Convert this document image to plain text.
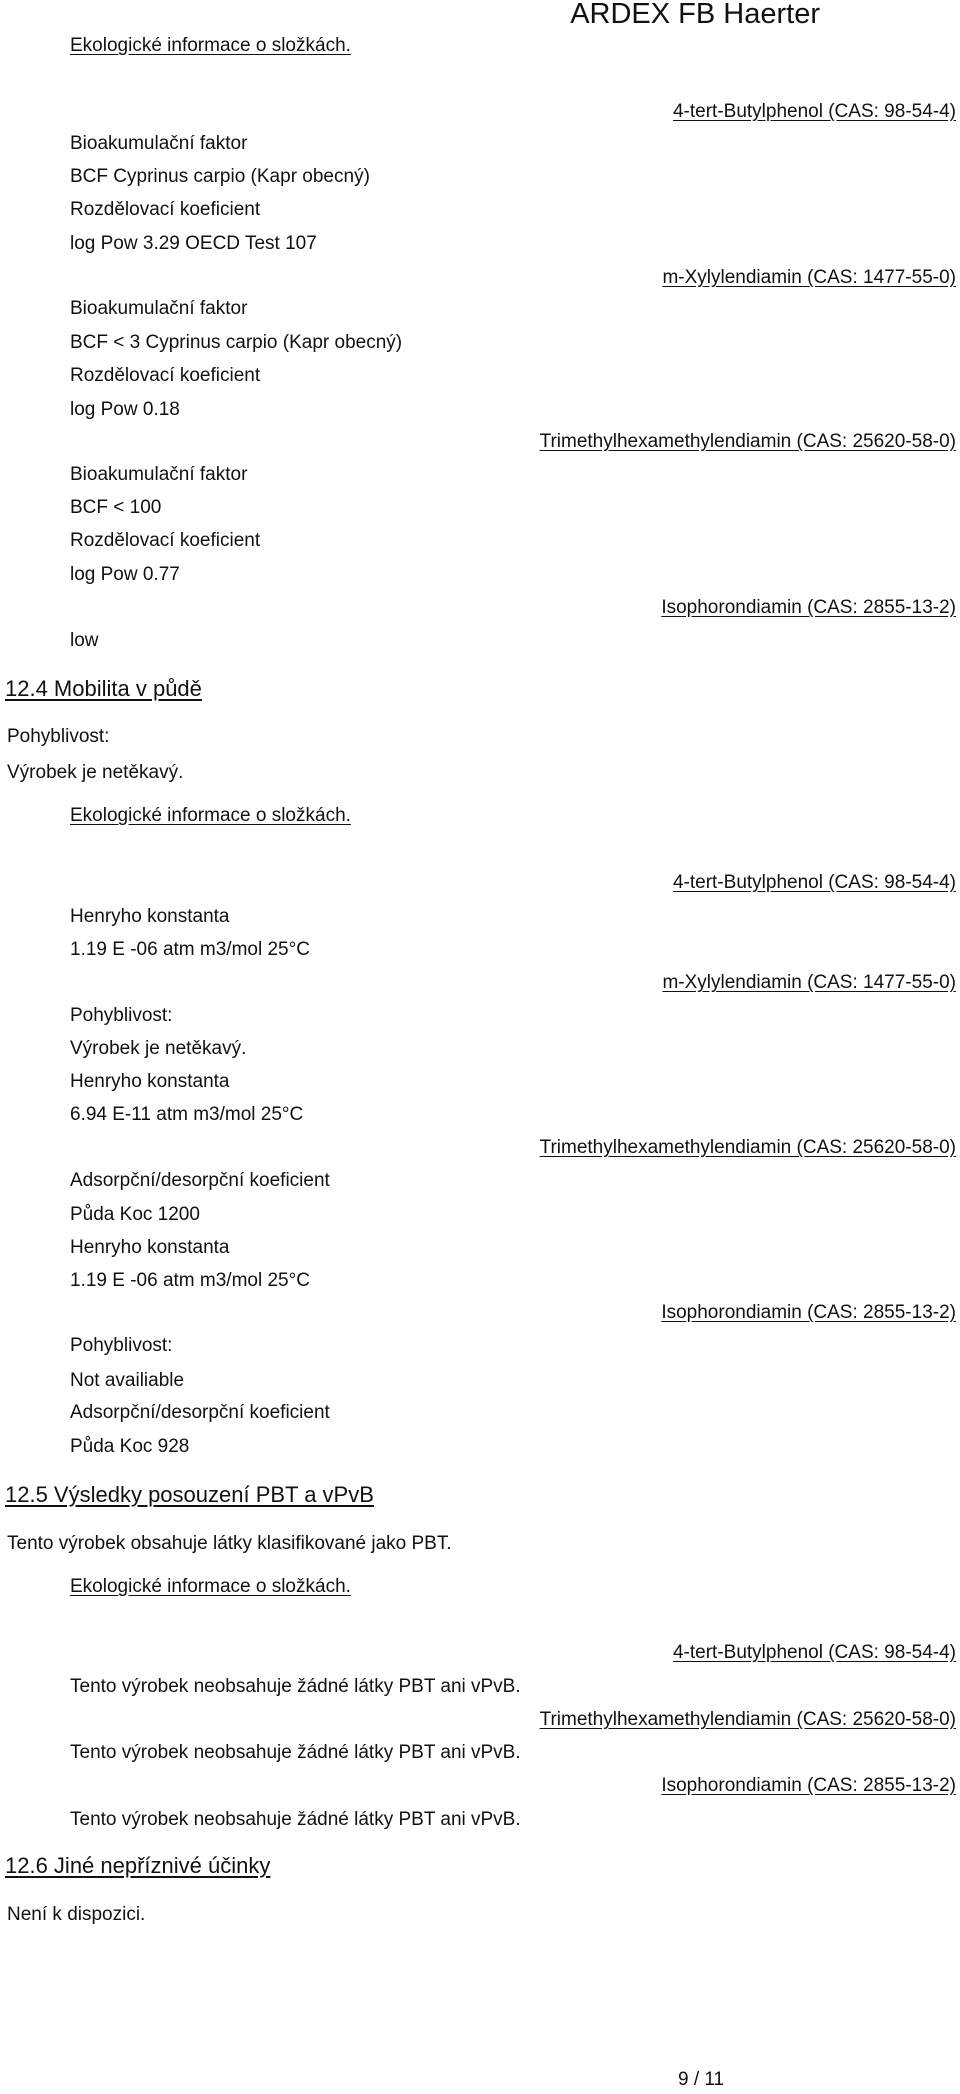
ARDEX FB Haerter

Ekologické informace o složkách.

4-tert-Butylphenol (CAS: 98-54-4)

Bioakumulační faktor

BCF Cyprinus carpio (Kapr obecný)

Rozdělovací koeficient

log Pow 3.29 OECD Test 107

m-Xylylendiamin (CAS: 1477-55-0)

Bioakumulační faktor

BCF < 3 Cyprinus carpio (Kapr obecný)

Rozdělovací koeficient

log Pow 0.18

Trimethylhexamethylendiamin (CAS: 25620-58-0)

Bioakumulační faktor

BCF < 100

Rozdělovací koeficient

log Pow 0.77

Isophorondiamin (CAS: 2855-13-2)

low

12.4 Mobilita v půdě

Pohyblivost:

Výrobek je netěkavý.

Ekologické informace o složkách.

4-tert-Butylphenol (CAS: 98-54-4)

Henryho konstanta

1.19 E -06 atm m3/mol 25°C

m-Xylylendiamin (CAS: 1477-55-0)

Pohyblivost:

Výrobek je netěkavý.

Henryho konstanta

6.94 E-11 atm m3/mol 25°C

Trimethylhexamethylendiamin (CAS: 25620-58-0)

Adsorpční/desorpční koeficient

Půda Koc 1200

Henryho konstanta

1.19 E -06 atm m3/mol 25°C

Isophorondiamin (CAS: 2855-13-2)

Pohyblivost:

Not availiable

Adsorpční/desorpční koeficient

Půda Koc 928

12.5 Výsledky posouzení PBT a vPvB

Tento výrobek obsahuje látky klasifikované jako PBT.

Ekologické informace o složkách.

4-tert-Butylphenol (CAS: 98-54-4)

Tento výrobek neobsahuje žádné látky PBT ani vPvB.

Trimethylhexamethylendiamin (CAS: 25620-58-0)

Tento výrobek neobsahuje žádné látky PBT ani vPvB.

Isophorondiamin (CAS: 2855-13-2)

Tento výrobek neobsahuje žádné látky PBT ani vPvB.

12.6 Jiné nepříznivé účinky

Není k dispozici.

9 / 11
